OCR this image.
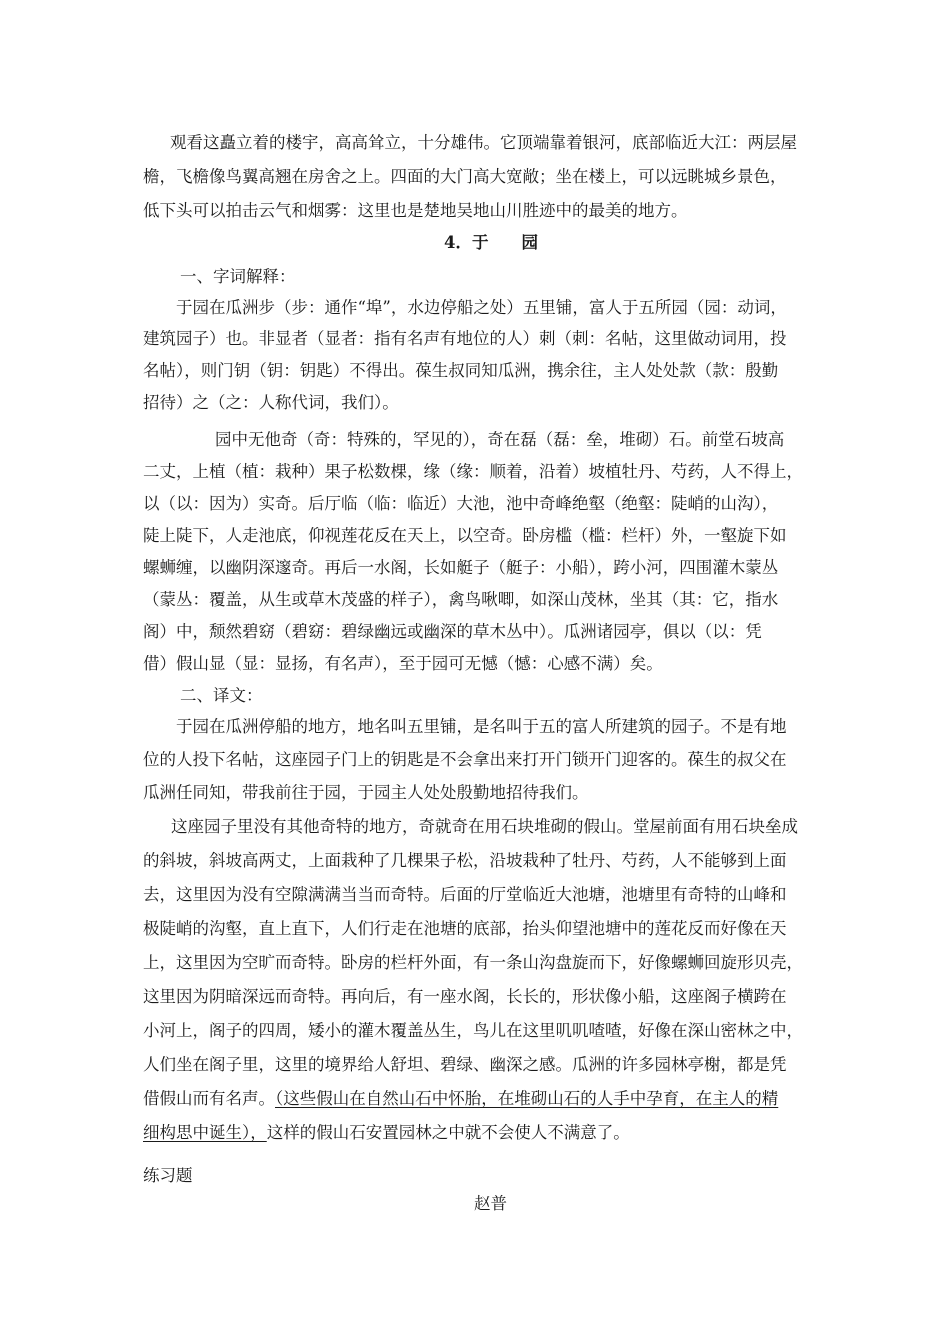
观看这矗立着的楼宇，高高耸立，十分雄伟。它顶端靠着银河，底部临近大江：两层屋
檐，飞檐像鸟翼高翘在房舍之上。四面的大门高大宽敞；坐在楼上，可以远眺城乡景色，
低下头可以拍击云气和烟雾：这里也是楚地吴地山川胜迹中的最美的地方。
4．于　　园
一、字词解释：
于园在瓜洲步（步：通作“埠”，水边停船之处）五里铺，富人于五所园（园：动词，
建筑园子）也。非显者（显者：指有名声有地位的人）刺（刺：名帖，这里做动词用，投
名帖），则门钥（钥：钥匙）不得出。葆生叔同知瓜洲，携余往，主人处处款（款：殷勤
招待）之（之：人称代词，我们）。
园中无他奇（奇：特殊的，罕见的），奇在磊（磊：垒，堆砌）石。前堂石坡高
二丈，上植（植：栽种）果子松数棵，缘（缘：顺着，沿着）坡植牡丹、芍药，人不得上，
以（以：因为）实奇。后厅临（临：临近）大池，池中奇峰绝壑（绝壑：陡峭的山沟），
陡上陡下，人走池底，仰视莲花反在天上，以空奇。卧房槛（槛：栏杆）外，一壑旋下如
螺蛳缠，以幽阴深邃奇。再后一水阁，长如艇子（艇子：小船），跨小河，四围灌木蒙丛
（蒙丛：覆盖，从生或草木茂盛的样子），禽鸟啾唧，如深山茂林，坐其（其：它，指水
阁）中，颓然碧窈（碧窈：碧绿幽远或幽深的草木丛中）。瓜洲诸园亭，俱以（以：凭
借）假山显（显：显扬，有名声），至于园可无憾（憾：心感不满）矣。
二、译文：
于园在瓜洲停船的地方，地名叫五里铺，是名叫于五的富人所建筑的园子。不是有地
位的人投下名帖，这座园子门上的钥匙是不会拿出来打开门锁开门迎客的。葆生的叔父在
瓜洲任同知，带我前往于园，于园主人处处殷勤地招待我们。
这座园子里没有其他奇特的地方，奇就奇在用石块堆砌的假山。堂屋前面有用石块垒成
的斜坡，斜坡高两丈，上面栽种了几棵果子松，沿坡栽种了牡丹、芍药，人不能够到上面
去，这里因为没有空隙满满当当而奇特。后面的厅堂临近大池塘，池塘里有奇特的山峰和
极陡峭的沟壑，直上直下，人们行走在池塘的底部，抬头仰望池塘中的莲花反而好像在天
上，这里因为空旷而奇特。卧房的栏杆外面，有一条山沟盘旋而下，好像螺蛳回旋形贝壳，
这里因为阴暗深远而奇特。再向后，有一座水阁，长长的，形状像小船，这座阁子横跨在
小河上，阁子的四周，矮小的灌木覆盖丛生，鸟儿在这里叽叽喳喳，好像在深山密林之中，
人们坐在阁子里，这里的境界给人舒坦、碧绿、幽深之感。瓜洲的许多园林亭榭，都是凭
借假山而有名声。（这些假山在自然山石中怀胎，在堆砌山石的人手中孕育，在主人的精
细构思中诞生），这样的假山石安置园林之中就不会使人不满意了。
练习题
赵普
